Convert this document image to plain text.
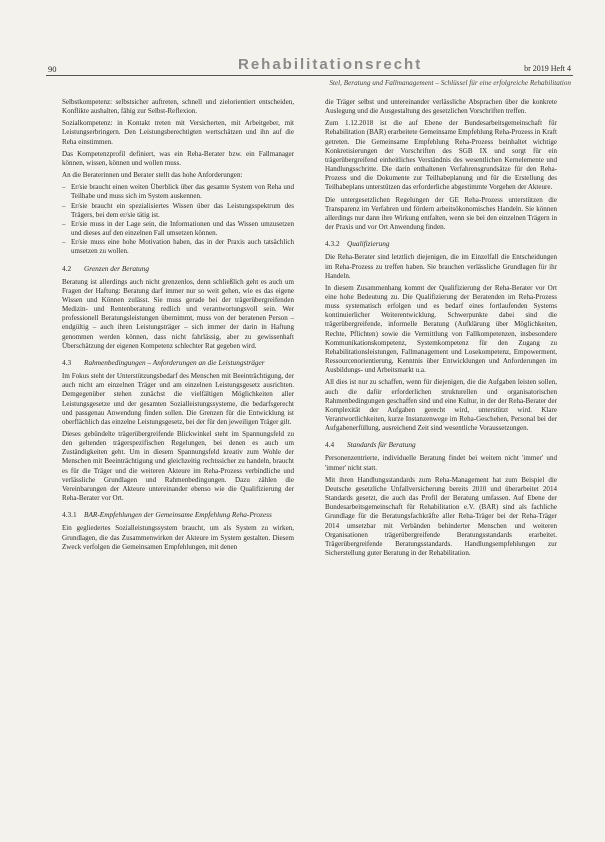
90	Rehabilitationsrecht	br 2019 Heft 4
Stel, Beratung und Fallmanagement – Schlüssel für eine erfolgreiche Rehabilitation

Selbstkompetenz: selbstsicher auftreten, schnell und zielorientiert entscheiden, Konflikte aushalten, fähig zur Selbst-Reflexion.

Sozialkompetenz: in Kontakt treten mit Versicherten, mit Arbeitgeber, mit Leistungserbringern. Den Leistungsberechtigten wertschätzen und ihn auf die Reha einstimmen.

Das Kompetenzprofil definiert, was ein Reha-Berater bzw. ein Fallmanager können, wissen, können und wollen muss.

An die Beraterinnen und Berater stellt das hohe Anforderungen:

– Er/sie braucht einen weiten Überblick über das gesamte System von Reha und Teilhabe und muss sich im System auskennen.
– Er/sie braucht ein spezialisiertes Wissen über das Leistungsspektrum des Trägers, bei dem er/sie tätig ist.
– Er/sie muss in der Lage sein, die Informationen und das Wissen umzusetzen und dieses auf den einzelnen Fall umsetzen können.
– Er/sie muss eine hohe Motivation haben, das in der Praxis auch tatsächlich umsetzen zu wollen.
4.2	Grenzen der Beratung

Beratung ist allerdings auch nicht grenzenlos, denn schließlich geht es auch um Fragen der Haftung: Beratung darf immer nur so weit gehen, wie es das eigene Wissen und Können zulässt. Sie muss gerade bei der trägerübergreifenden Medizin- und Rentenberatung redlich und verantwortungsvoll sein. Wer professionell Beratungsleistungen übernimmt, muss von der beratenen Person – endgültig – auch ihren Leistungsträger – sich immer der darin in Haftung genommen werden können, dass nicht fahrlässig, aber zu gewissenhaft Überschätzung der eigenen Kompetenz schlechter Rat gegeben wird.

4.3	Rahmenbedingungen – Anforderungen an die Leistungsträger

Im Fokus steht der Unterstützungsbedarf des Menschen mit Beeinträchtigung, der auch nicht am einzelnen Träger und am einzelnen Leistungsgesetz ausrichten. Demgegenüber stehen zunächst die vielfältigen Möglichkeiten aller Leistungsgesetze und der gesamten Sozialleistungssysteme, die bedarfsgerecht und passgenau Anwendung finden sollen. Die Grenzen für die Entwicklung ist oberflächlich das einzelne Leistungsgesetz, bei der für den jeweiligen Träger gilt.

Dieses gebündelte trägerübergreifende Blickwinkel steht im Spannungsfeld zu den geltenden trägerspezifischen Regelungen, bei denen es auch um Zuständigkeiten geht. Um in diesem Spannungsfeld kreativ zum Wohle der Menschen mit Beeinträchtigung und gleichzeitig rechtssicher zu handeln, braucht es für die Träger und die weiteren Akteure im Reha-Prozess verbindliche und verlässliche Grundlagen und Rahmenbedingungen. Dazu zählen die Vereinbarungen der Akteure untereinander ebenso wie die Qualifizierung der Reha-Berater vor Ort.

4.3.1	BAR-Empfehlungen der Gemeinsame Empfehlung Reha-Prozess

Ein gegliedertes Sozialleistungssystem braucht, um als System zu wirken, Grundlagen, die das Zusammenwirken der Akteure im System gestalten. Diesem Zweck verfolgen die Gemeinsamen Empfehlungen, mit denen

die Träger selbst und untereinander verlässliche Absprachen über die konkrete Auslegung und die Ausgestaltung des gesetzlichen Vorschriften treffen.

Zum 1.12.2018 ist die auf Ebene der Bundesarbeitsgemeinschaft für Rehabilitation (BAR) erarbeitete Gemeinsame Empfehlung Reha-Prozess in Kraft getreten. Die Gemeinsame Empfehlung Reha-Prozess beinhaltet wichtige Konkretisierungen der Vorschriften des SGB IX und sorgt für ein trägerübergreifend einheitliches Verständnis des wesentlichen Kernelemente und Handlungsschritte. Die darin enthaltenen Verfahrensgrundsätze für den Reha-Prozess und die Dokumente zur Teilhabeplanung und für die Erstellung des Teilhabeplans unterstützen das erforderliche abgestimmte Vorgehen der Akteure.

Die untergesetzlichen Regelungen der GE Reha-Prozess unterstützen die Transparenz im Verfahren und fördern arbeitsökonomisches Handeln. Sie können allerdings nur dann ihre Wirkung entfalten, wenn sie bei den einzelnen Trägern in der Praxis und vor Ort Anwendung finden.

4.3.2	Qualifizierung

Die Reha-Berater sind letztlich diejenigen, die im Einzelfall die Entscheidungen im Reha-Prozess zu treffen haben. Sie brauchen verlässliche Grundlagen für ihr Handeln.

In diesem Zusammenhang kommt der Qualifizierung der Reha-Berater vor Ort eine hohe Bedeutung zu. Die Qualifizierung der Beratenden im Reha-Prozess muss systematisch erfolgen und es bedarf eines fortlaufenden Systems kontinuierlicher Weiterentwicklung. Schwerpunkte dabei sind die trägerübergreifende, informelle Beratung (Aufklärung über Möglichkeiten, Rechte, Pflichten) sowie die Vermittlung von Fallkompetenzen, insbesondere Kommunikationskompetenz, Systemkompetenz für den Zugang zu Rehabilitationsleistungen, Fallmanagement und Losekompetenz, Empowerment, Ressourcenorientierung, Kenntnis über Entwicklungen und Anforderungen im Ausbildungs- und Arbeitsmarkt u.a.

All dies ist nur zu schaffen, wenn für diejenigen, die die Aufgaben leisten sollen, auch die dafür erforderlichen strukturellen und organisatorischen Rahmenbedingungen geschaffen sind und eine Kultur, in der der Reha-Berater der Komplexität der Aufgaben gerecht wird, unterstützt wird. Klare Verantwortlichkeiten, kurze Instanzenwege im Reha-Geschehen, Personal bei der Aufgabenerfüllung, ausreichend Zeit sind wesentliche Voraussetzungen.

4.4	Standards für Beratung

Personenzentrierte, individuelle Beratung findet bei weitem nicht 'immer' und 'immer' nicht statt.

Mit ihren Handlungsstandards zum Reha-Management hat zum Beispiel die Deutsche gesetzliche Unfallversicherung bereits 2010 und überarbeitet 2014 Standards gesetzt, die auch das Profil der Beratung umfassen. Auf Ebene der Bundesarbeitsgemeinschaft für Rehabilitation e.V. (BAR) sind als fachliche Grundlage für die Beratungsfachkräfte aller Reha-Träger bei der Reha-Träger 2014 umsetzbar mit Verbänden behinderter Menschen und weiteren Organisationen trägerübergreifende Beratungsstandards erarbeitet. Trägerübergreifende Beratungsstandards. Handlungsempfehlungen zur Sicherstellung guter Beratung in der Rehabilitation.
